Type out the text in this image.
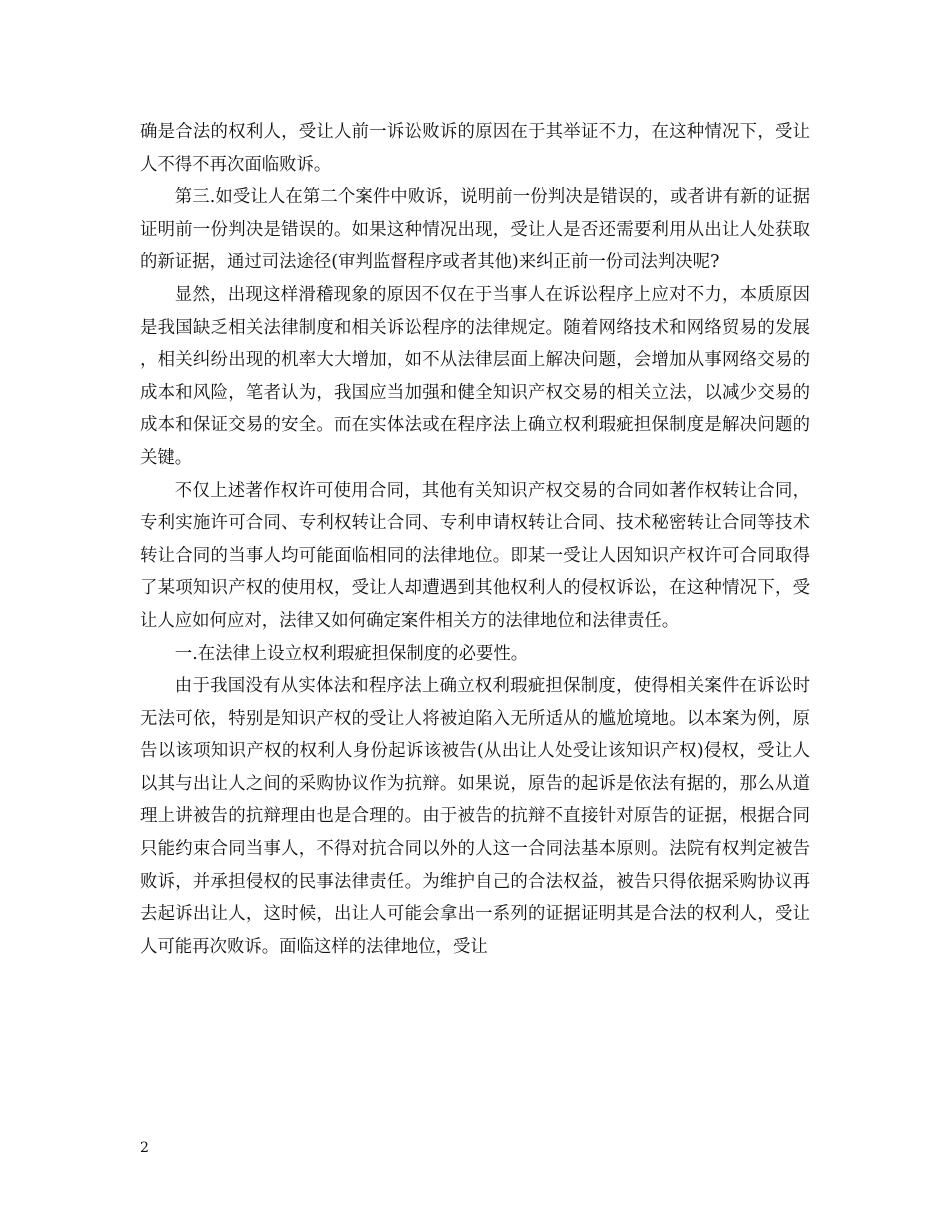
确是合法的权利人，受让人前一诉讼败诉的原因在于其举证不力，在这种情况下，受让人不得不再次面临败诉。

第三.如受让人在第二个案件中败诉，说明前一份判决是错误的，或者讲有新的证据证明前一份判决是错误的。如果这种情况出现，受让人是否还需要利用从出让人处获取的新证据，通过司法途径(审判监督程序或者其他)来纠正前一份司法判决呢?

显然，出现这样滑稽现象的原因不仅在于当事人在诉讼程序上应对不力，本质原因是我国缺乏相关法律制度和相关诉讼程序的法律规定。随着网络技术和网络贸易的发展，相关纠纷出现的机率大大增加，如不从法律层面上解决问题，会增加从事网络交易的成本和风险，笔者认为，我国应当加强和健全知识产权交易的相关立法，以减少交易的成本和保证交易的安全。而在实体法或在程序法上确立权利瑕疵担保制度是解决问题的关键。

不仅上述著作权许可使用合同，其他有关知识产权交易的合同如著作权转让合同，专利实施许可合同、专利权转让合同、专利申请权转让合同、技术秘密转让合同等技术转让合同的当事人均可能面临相同的法律地位。即某一受让人因知识产权许可合同取得了某项知识产权的使用权，受让人却遭遇到其他权利人的侵权诉讼，在这种情况下，受让人应如何应对，法律又如何确定案件相关方的法律地位和法律责任。

一.在法律上设立权利瑕疵担保制度的必要性。

由于我国没有从实体法和程序法上确立权利瑕疵担保制度，使得相关案件在诉讼时无法可依，特别是知识产权的受让人将被迫陷入无所适从的尴尬境地。以本案为例，原告以该项知识产权的权利人身份起诉该被告(从出让人处受让该知识产权)侵权，受让人以其与出让人之间的采购协议作为抗辩。如果说，原告的起诉是依法有据的，那么从道理上讲被告的抗辩理由也是合理的。由于被告的抗辩不直接针对原告的证据，根据合同只能约束合同当事人，不得对抗合同以外的人这一合同法基本原则。法院有权判定被告败诉，并承担侵权的民事法律责任。为维护自己的合法权益，被告只得依据采购协议再去起诉出让人，这时候，出让人可能会拿出一系列的证据证明其是合法的权利人，受让人可能再次败诉。面临这样的法律地位，受让

2
